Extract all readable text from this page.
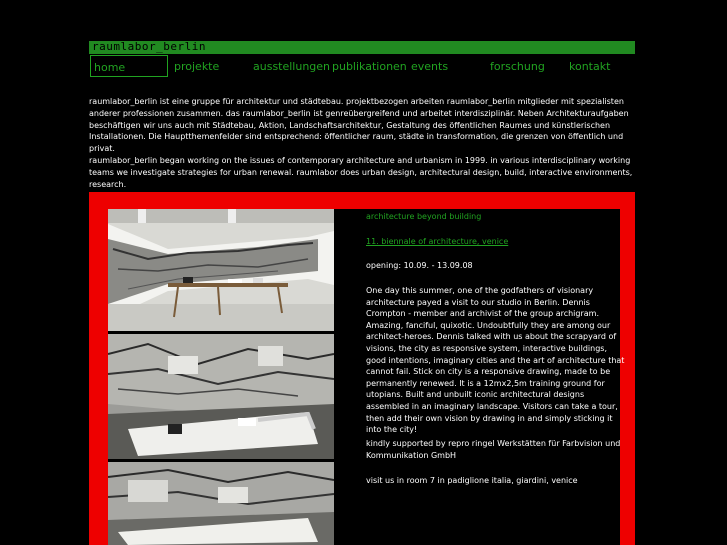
raumlabor_berlin
home	projekte	ausstellungen publikationen events	forschung kontakt

raumlabor_berlin ist eine gruppe für architektur und städtebau. projektbezogen arbeiten raumlabor_berlin mitglieder mit spezialisten anderer professionen zusammen. das raumlabor_berlin ist genreübergreifend und arbeitet interdisziplinär. Neben Architekturaufgaben beschäftigen wir uns auch mit Städtebau, Aktion, Landschaftsarchitektur, Gestaltung des öffentlichen Raumes und künstlerischen Installationen. Die Hauptthemenfelder sind entsprechend: öffentlicher raum, städte in transformation, die grenzen von öffentlich und privat.

raumlabor_berlin began working on the issues of contemporary architecture and urbanism in 1999. in various interdisciplinary working teams we investigate strategies for urban renewal. raumlabor does urban design, architectural design, build, interactive environments, research.

architecture beyond building
11. biennale of architecture, venice
opening: 10.09. - 13.09.08
One day this summer, one of the godfathers of visionary architecture payed a visit to our studio in Berlin. Dennis Crompton - member and archivist of the group archigram. Amazing, fanciful, quixotic. Undoubtfully they are among our architect-heroes. Dennis talked with us about the scrapyard of visions, the city as responsive system, interactive buildings, good intentions, imaginary cities and the art of architecture that cannot fail. Stick on city is a responsive drawing, made to be permanently renewed. It is a 12mx2,5m training ground for utopians. Built and unbuilt iconic architectural designs assembled in an imaginary landscape. Visitors can take a tour, then add their own vision by drawing in and simply sticking it into the city!
kindly supported by repro ringel Werkstätten für Farbvision und Kommunikation GmbH
visit us in room 7 in padiglione italia, giardini, venice
